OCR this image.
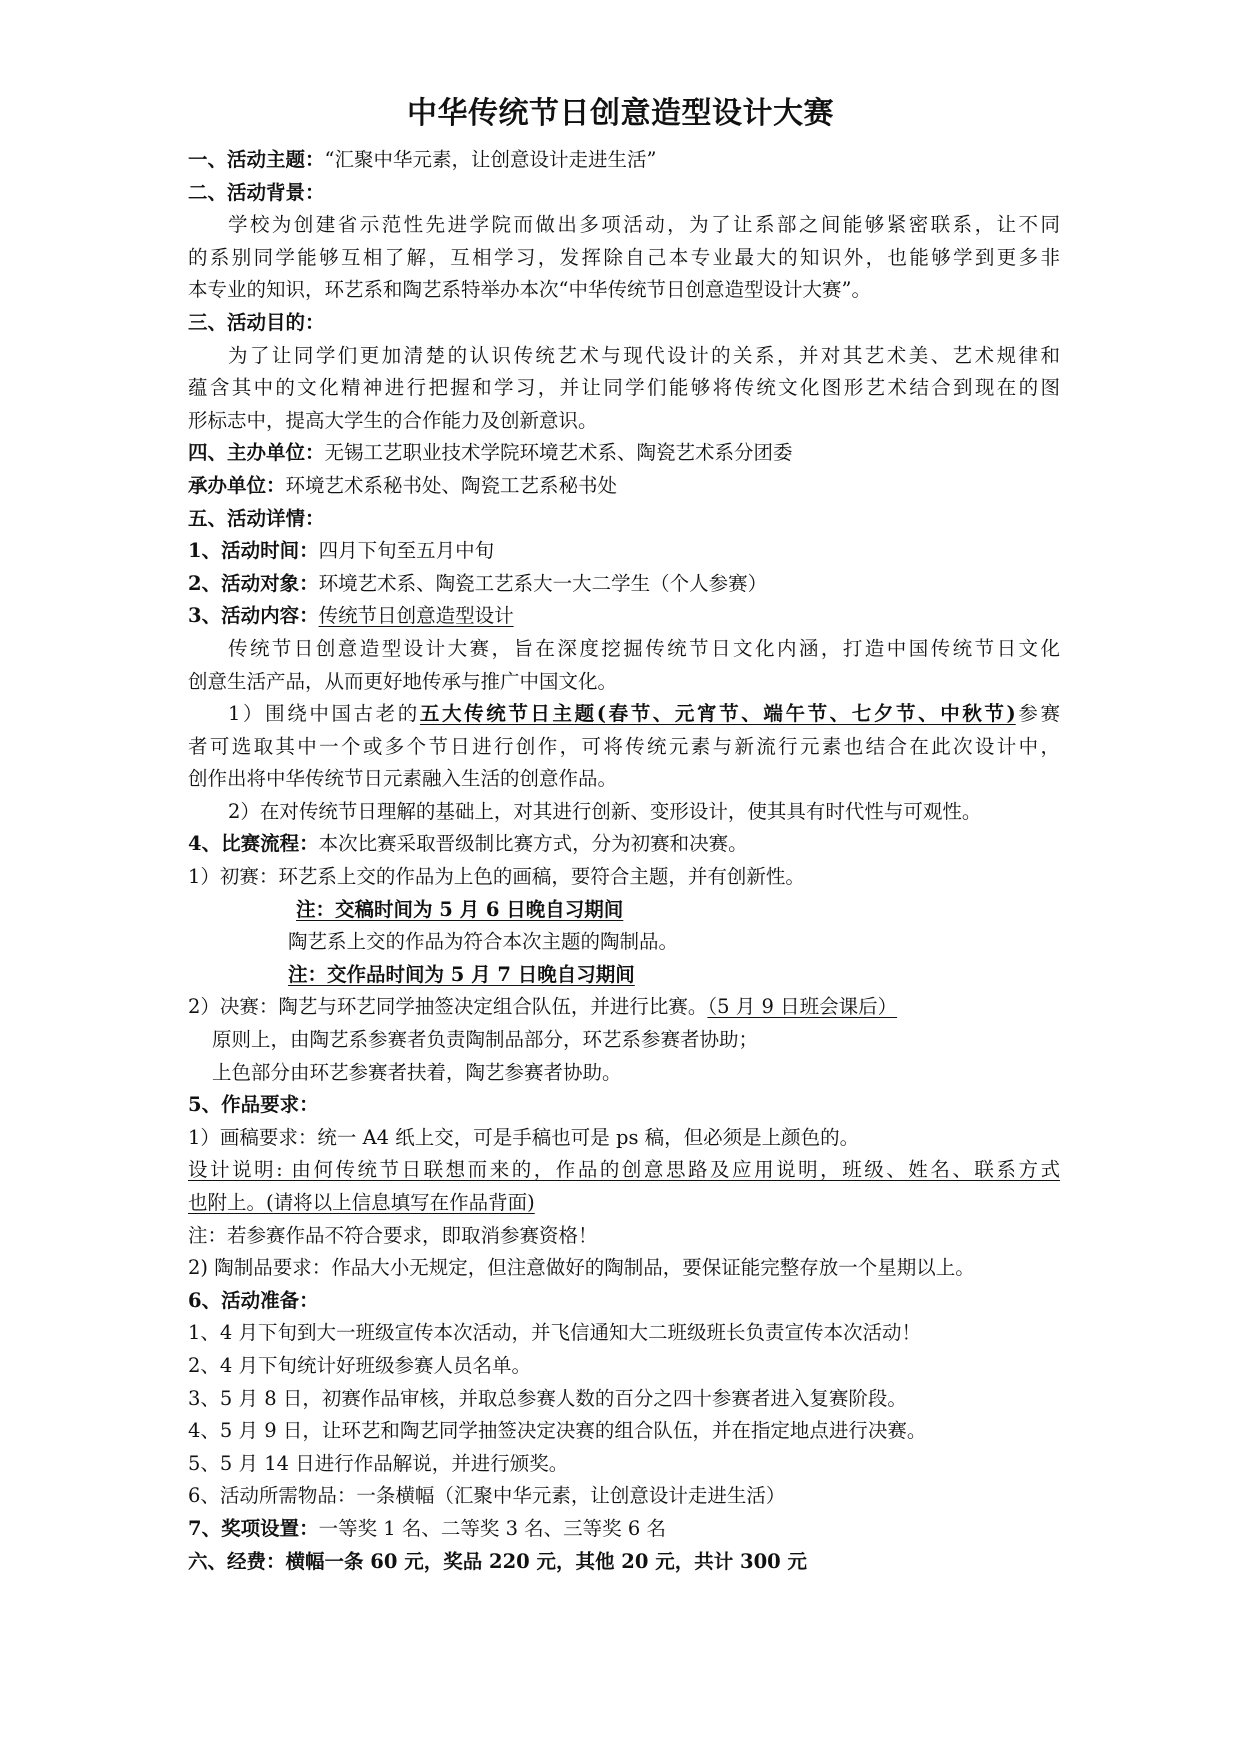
中华传统节日创意造型设计大赛
一、活动主题：“汇聚中华元素，让创意设计走进生活”
二、活动背景：
学校为创建省示范性先进学院而做出多项活动，为了让系部之间能够紧密联系，让不同
的系别同学能够互相了解，互相学习，发挥除自己本专业最大的知识外，也能够学到更多非
本专业的知识，环艺系和陶艺系特举办本次“中华传统节日创意造型设计大赛”。
三、活动目的：
为了让同学们更加清楚的认识传统艺术与现代设计的关系，并对其艺术美、艺术规律和
蕴含其中的文化精神进行把握和学习，并让同学们能够将传统文化图形艺术结合到现在的图
形标志中，提高大学生的合作能力及创新意识。
四、主办单位：无锡工艺职业技术学院环境艺术系、陶瓷艺术系分团委
承办单位：环境艺术系秘书处、陶瓷工艺系秘书处
五、活动详情：
1、活动时间：四月下旬至五月中旬
2、活动对象：环境艺术系、陶瓷工艺系大一大二学生（个人参赛）
3、活动内容：传统节日创意造型设计
传统节日创意造型设计大赛，旨在深度挖掘传统节日文化内涵，打造中国传统节日文化
创意生活产品，从而更好地传承与推广中国文化。
1）围绕中国古老的五大传统节日主题(春节、元宵节、端午节、七夕节、中秋节)参赛
者可选取其中一个或多个节日进行创作，可将传统元素与新流行元素也结合在此次设计中，
创作出将中华传统节日元素融入生活的创意作品。
2）在对传统节日理解的基础上，对其进行创新、变形设计，使其具有时代性与可观性。
4、比赛流程：本次比赛采取晋级制比赛方式，分为初赛和决赛。
1）初赛：环艺系上交的作品为上色的画稿，要符合主题，并有创新性。
注：交稿时间为 5 月 6 日晚自习期间
陶艺系上交的作品为符合本次主题的陶制品。
注：交作品时间为 5 月 7 日晚自习期间
2）决赛：陶艺与环艺同学抽签决定组合队伍，并进行比赛。（5 月 9 日班会课后）
原则上，由陶艺系参赛者负责陶制品部分，环艺系参赛者协助；
上色部分由环艺参赛者扶着，陶艺参赛者协助。
5、作品要求：
1）画稿要求：统一 A4 纸上交，可是手稿也可是 ps 稿，但必须是上颜色的。
设计说明: 由何传统节日联想而来的，作品的创意思路及应用说明，班级、姓名、联系方式
也附上。(请将以上信息填写在作品背面)
注：若参赛作品不符合要求，即取消参赛资格！
2) 陶制品要求：作品大小无规定，但注意做好的陶制品，要保证能完整存放一个星期以上。
6、活动准备：
1、4 月下旬到大一班级宣传本次活动，并飞信通知大二班级班长负责宣传本次活动！
2、4 月下旬统计好班级参赛人员名单。
3、5 月 8 日，初赛作品审核，并取总参赛人数的百分之四十参赛者进入复赛阶段。
4、5 月 9 日，让环艺和陶艺同学抽签决定决赛的组合队伍，并在指定地点进行决赛。
5、5 月 14 日进行作品解说，并进行颁奖。
6、活动所需物品：一条横幅（汇聚中华元素，让创意设计走进生活）
7、奖项设置：一等奖 1 名、二等奖 3 名、三等奖 6 名
六、经费：横幅一条 60 元，奖品 220 元，其他 20 元，共计 300 元
